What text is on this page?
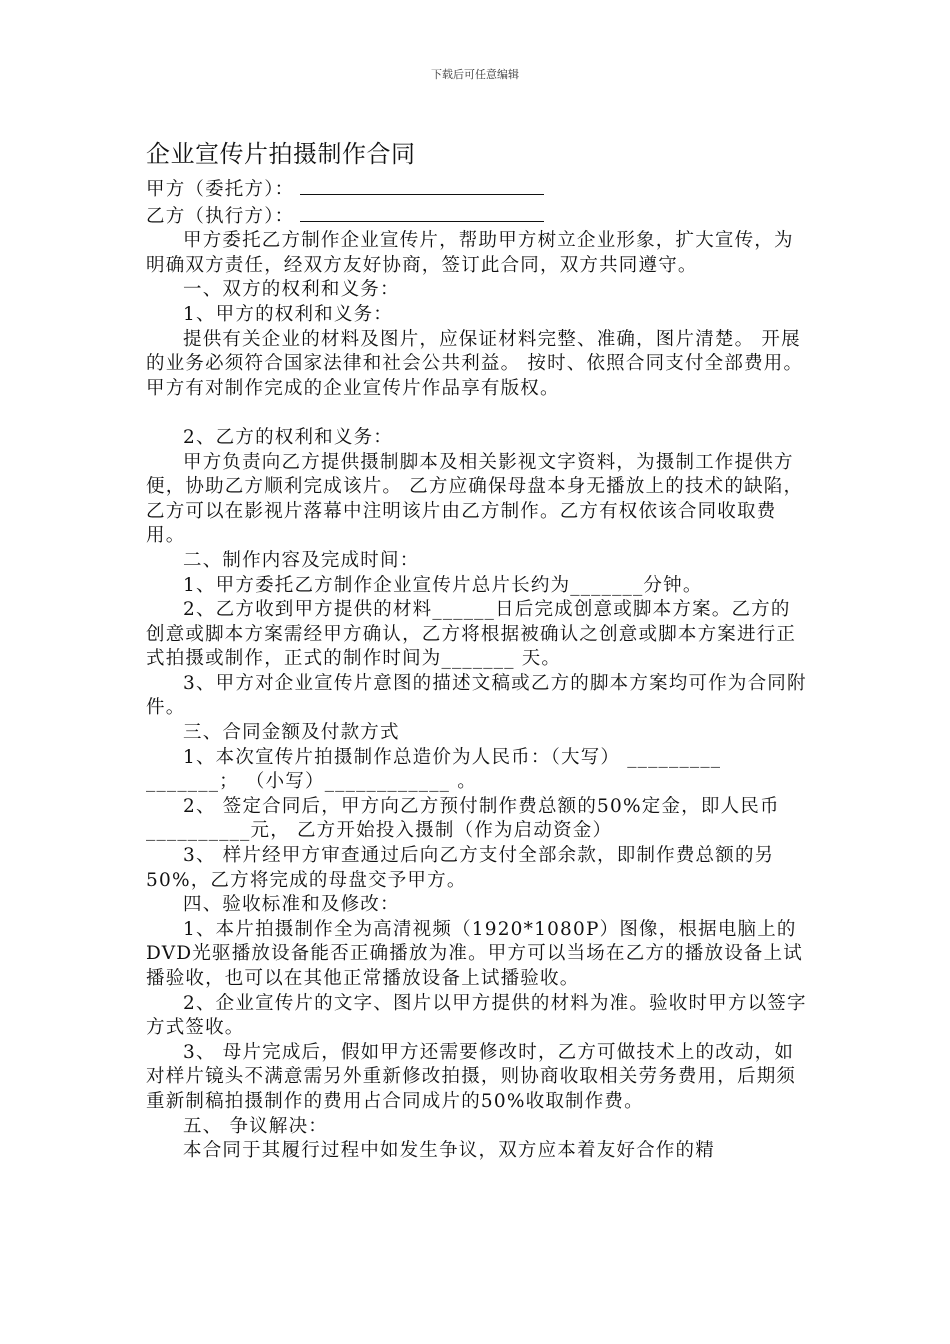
下载后可任意编辑
企业宣传片拍摄制作合同

甲方（委托方）：

乙方（执行方）：

甲方委托乙方制作企业宣传片，帮助甲方树立企业形象，扩大宣传，为明确双方责任，经双方友好协商，签订此合同，双方共同遵守。

一、双方的权利和义务：

1、甲方的权利和义务：

提供有关企业的材料及图片，应保证材料完整、准确，图片清楚。 开展的业务必须符合国家法律和社会公共利益。 按时、依照合同支付全部费用。 甲方有对制作完成的企业宣传片作品享有版权。

2、乙方的权利和义务：

甲方负责向乙方提供摄制脚本及相关影视文字资料，为摄制工作提供方便，协助乙方顺利完成该片。 乙方应确保母盘本身无播放上的技术的缺陷， 乙方可以在影视片落幕中注明该片由乙方制作。乙方有权依该合同收取费用。

二、制作内容及完成时间：

1、甲方委托乙方制作企业宣传片总片长约为_______分钟。

2、乙方收到甲方提供的材料______日后完成创意或脚本方案。乙方的创意或脚本方案需经甲方确认，乙方将根据被确认之创意或脚本方案进行正式拍摄或制作，正式的制作时间为_______ 天。

3、甲方对企业宣传片意图的描述文稿或乙方的脚本方案均可作为合同附件。

三、合同金额及付款方式

1、本次宣传片拍摄制作总造价为人民币：（大写） _________ _______； （小写）____________ 。

2、 签定合同后，甲方向乙方预付制作费总额的50%定金，即人民币__________元， 乙方开始投入摄制（作为启动资金）

3、 样片经甲方审查通过后向乙方支付全部余款，即制作费总额的另50%，乙方将完成的母盘交予甲方。

四、验收标准和及修改：

1、本片拍摄制作全为高清视频（1920*1080P）图像，根据电脑上的DVD光驱播放设备能否正确播放为准。甲方可以当场在乙方的播放设备上试播验收，也可以在其他正常播放设备上试播验收。

2、企业宣传片的文字、图片以甲方提供的材料为准。验收时甲方以签字方式签收。

3、 母片完成后，假如甲方还需要修改时，乙方可做技术上的改动，如对样片镜头不满意需另外重新修改拍摄，则协商收取相关劳务费用，后期须重新制稿拍摄制作的费用占合同成片的50%收取制作费。

五、 争议解决：

本合同于其履行过程中如发生争议，双方应本着友好合作的精
